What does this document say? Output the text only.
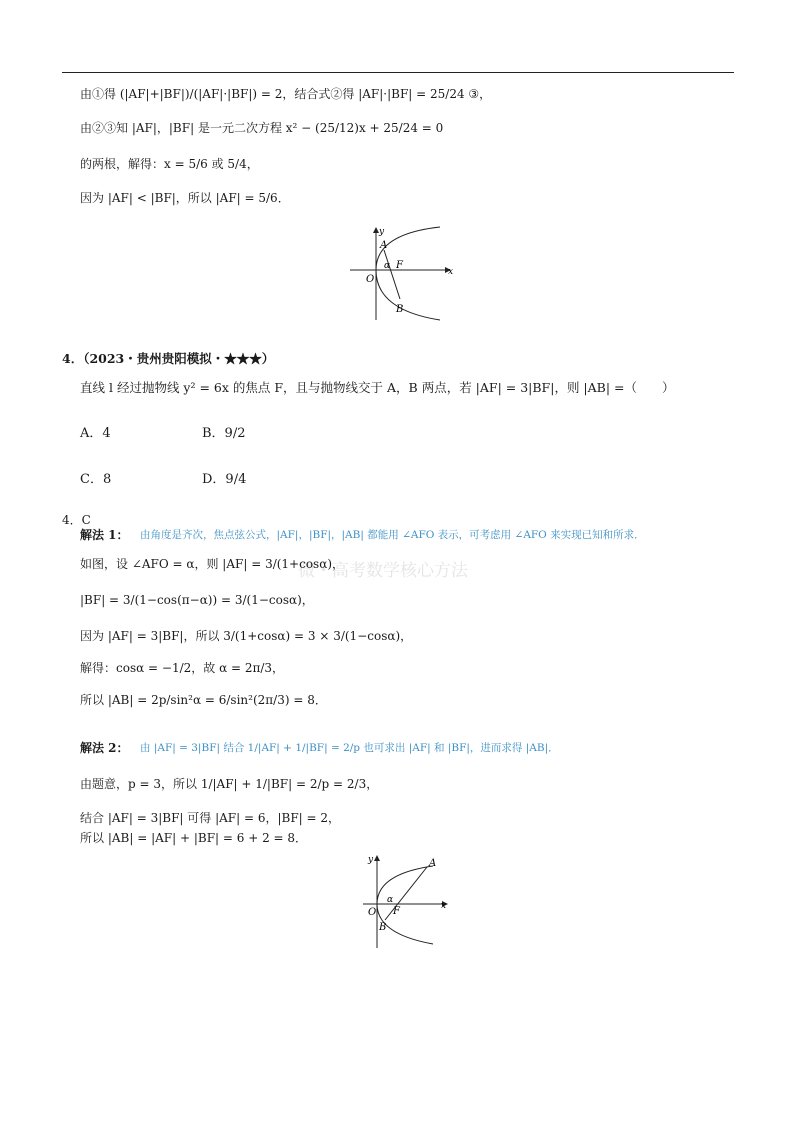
由①得 (|AF|+|BF|)/(|AF|·|BF|) = 2，结合式②得 |AF|·|BF| = 25/24 ③，
由②③知 |AF|，|BF| 是一元二次方程 x² − (25/12)x + 25/24 = 0
的两根，解得：x = 5/6 或 5/4，
因为 |AF| < |BF|，所以 |AF| = 5/6．
y
x
O
A
F
α
B
4．（2023・贵州贵阳模拟・★★★）
直线 l 经过抛物线 y² = 6x 的焦点 F，且与抛物线交于 A，B 两点，若 |AF| = 3|BF|，则 |AB| =（　　）
A．4	B．9/2
C．8	D．9/4
4．C
解法 1： 由角度是齐次，焦点弦公式，|AF|，|BF|，|AB| 都能用 ∠AFO 表示，可考虑用 ∠AFO 来实现已知和所求．
微・高考数学核心方法
如图，设 ∠AFO = α，则 |AF| = 3/(1+cosα)，
|BF| = 3/(1−cos(π−α)) = 3/(1−cosα)，
因为 |AF| = 3|BF|，所以 3/(1+cosα) = 3 × 3/(1−cosα)，
解得：cosα = −1/2，故 α = 2π/3，
所以 |AB| = 2p/sin²α = 6/sin²(2π/3) = 8．
解法 2： 由 |AF| = 3|BF| 结合 1/|AF| + 1/|BF| = 2/p 也可求出 |AF| 和 |BF|，进而求得 |AB|．
由题意，p = 3，所以 1/|AF| + 1/|BF| = 2/p = 2/3，
结合 |AF| = 3|BF| 可得 |AF| = 6，|BF| = 2，
所以 |AB| = |AF| + |BF| = 6 + 2 = 8．
y
x
O
A
F
α
B
